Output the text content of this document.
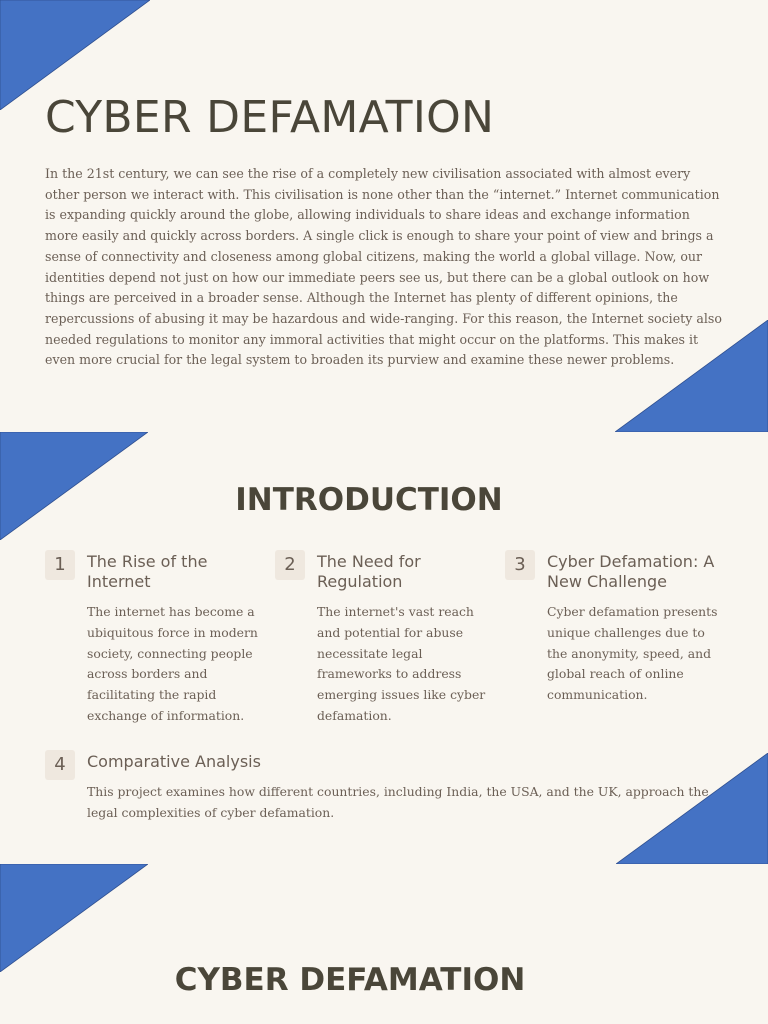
CYBER DEFAMATION

In the 21st century, we can see the rise of a completely new civilisation associated with almost every other person we interact with. This civilisation is none other than the “internet.” Internet communication is expanding quickly around the globe, allowing individuals to share ideas and exchange information more easily and quickly across borders. A single click is enough to share your point of view and brings a sense of connectivity and closeness among global citizens, making the world a global village. Now, our identities depend not just on how our immediate peers see us, but there can be a global outlook on how things are perceived in a broader sense. Although the Internet has plenty of different opinions, the repercussions of abusing it may be hazardous and wide-ranging. For this reason, the Internet society also needed regulations to monitor any immoral activities that might occur on the platforms. This makes it even more crucial for the legal system to broaden its purview and examine these newer problems.

INTRODUCTION
1	The Rise of the Internet
The internet has become a ubiquitous force in modern society, connecting people across borders and facilitating the rapid exchange of information.
2	The Need for Regulation
The internet's vast reach and potential for abuse necessitate legal frameworks to address emerging issues like cyber defamation.
3	Cyber Defamation: A New Challenge
Cyber defamation presents unique challenges due to the anonymity, speed, and global reach of online communication.
4	Comparative Analysis
This project examines how different countries, including India, the USA, and the UK, approach the legal complexities of cyber defamation.
CYBER DEFAMATION
